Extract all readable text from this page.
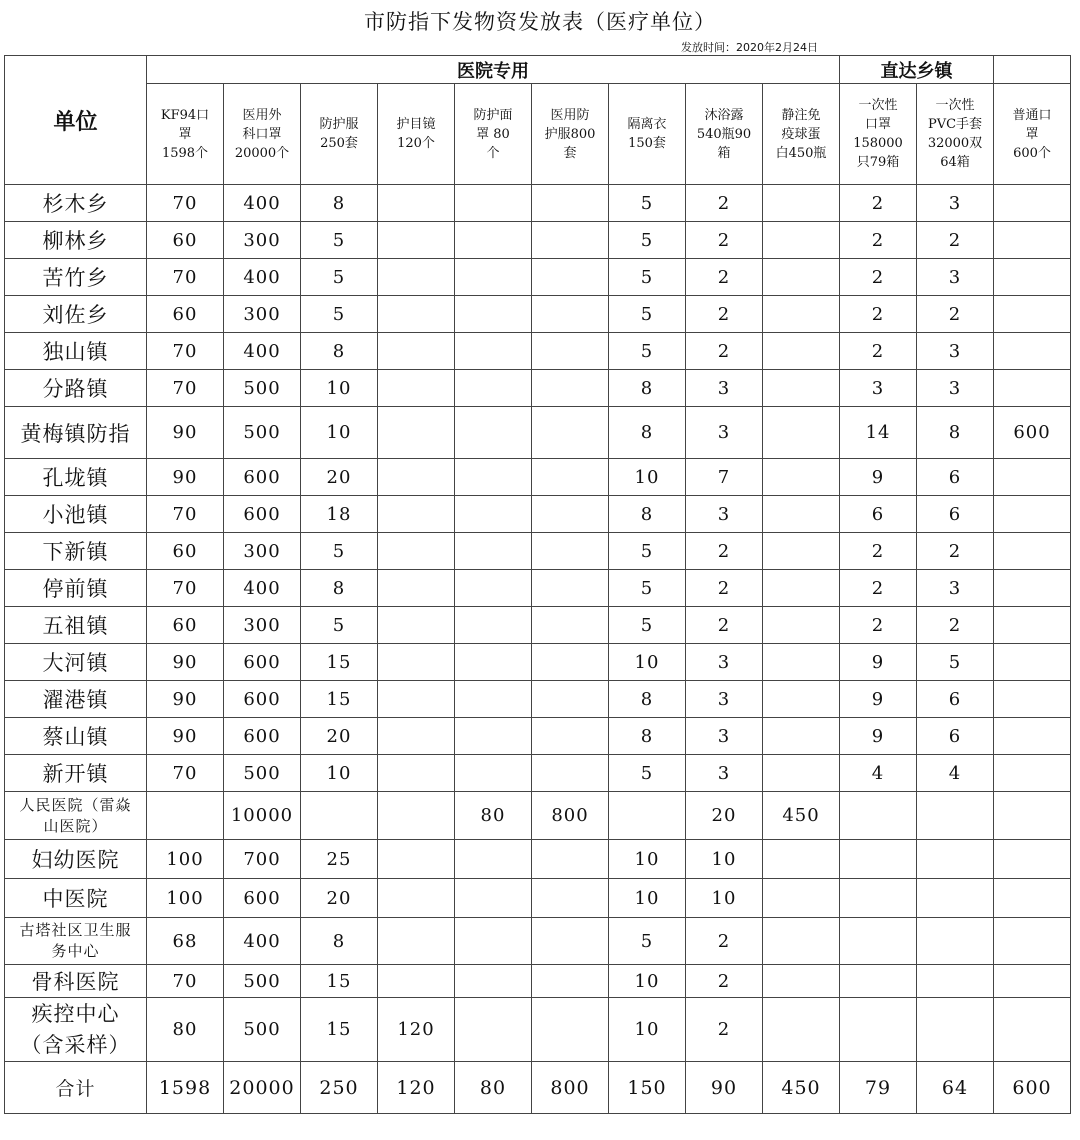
市防指下发物资发放表（医疗单位）
发放时间：2020年2月24日
单位	医院专用									直达乡镇		
	KF94口
罩
1598个	医用外
科口罩
20000个	防护服
250套	护目镜
120个	防护面
罩 80
个	医用防
护服800
套	隔离衣
150套	沐浴露
540瓶90
箱	静注免
疫球蛋
白450瓶	一次性
口罩
158000
只79箱	一次性
PVC手套
32000双
64箱	普通口
罩
600个
杉木乡	70	400	8				5	2		2	3	
柳林乡	60	300	5				5	2		2	2	
苦竹乡	70	400	5				5	2		2	3	
刘佐乡	60	300	5				5	2		2	2	
独山镇	70	400	8				5	2		2	3	
分路镇	70	500	10				8	3		3	3	
黄梅镇防指	90	500	10				8	3		14	8	600
孔垅镇	90	600	20				10	7		9	6	
小池镇	70	600	18				8	3		6	6	
下新镇	60	300	5				5	2		2	2	
停前镇	70	400	8				5	2		2	3	
五祖镇	60	300	5				5	2		2	2	
大河镇	90	600	15				10	3		9	5	
濯港镇	90	600	15				8	3		9	6	
蔡山镇	90	600	20				8	3		9	6	
新开镇	70	500	10				5	3		4	4	
人民医院（雷焱
山医院）		10000			80	800		20	450			
妇幼医院	100	700	25				10	10				
中医院	100	600	20				10	10				
古塔社区卫生服
务中心	68	400	8				5	2				
骨科医院	70	500	15				10	2				
疾控中心
（含采样）	80	500	15	120			10	2				
合计	1598	20000	250	120	80	800	150	90	450	79	64	600
